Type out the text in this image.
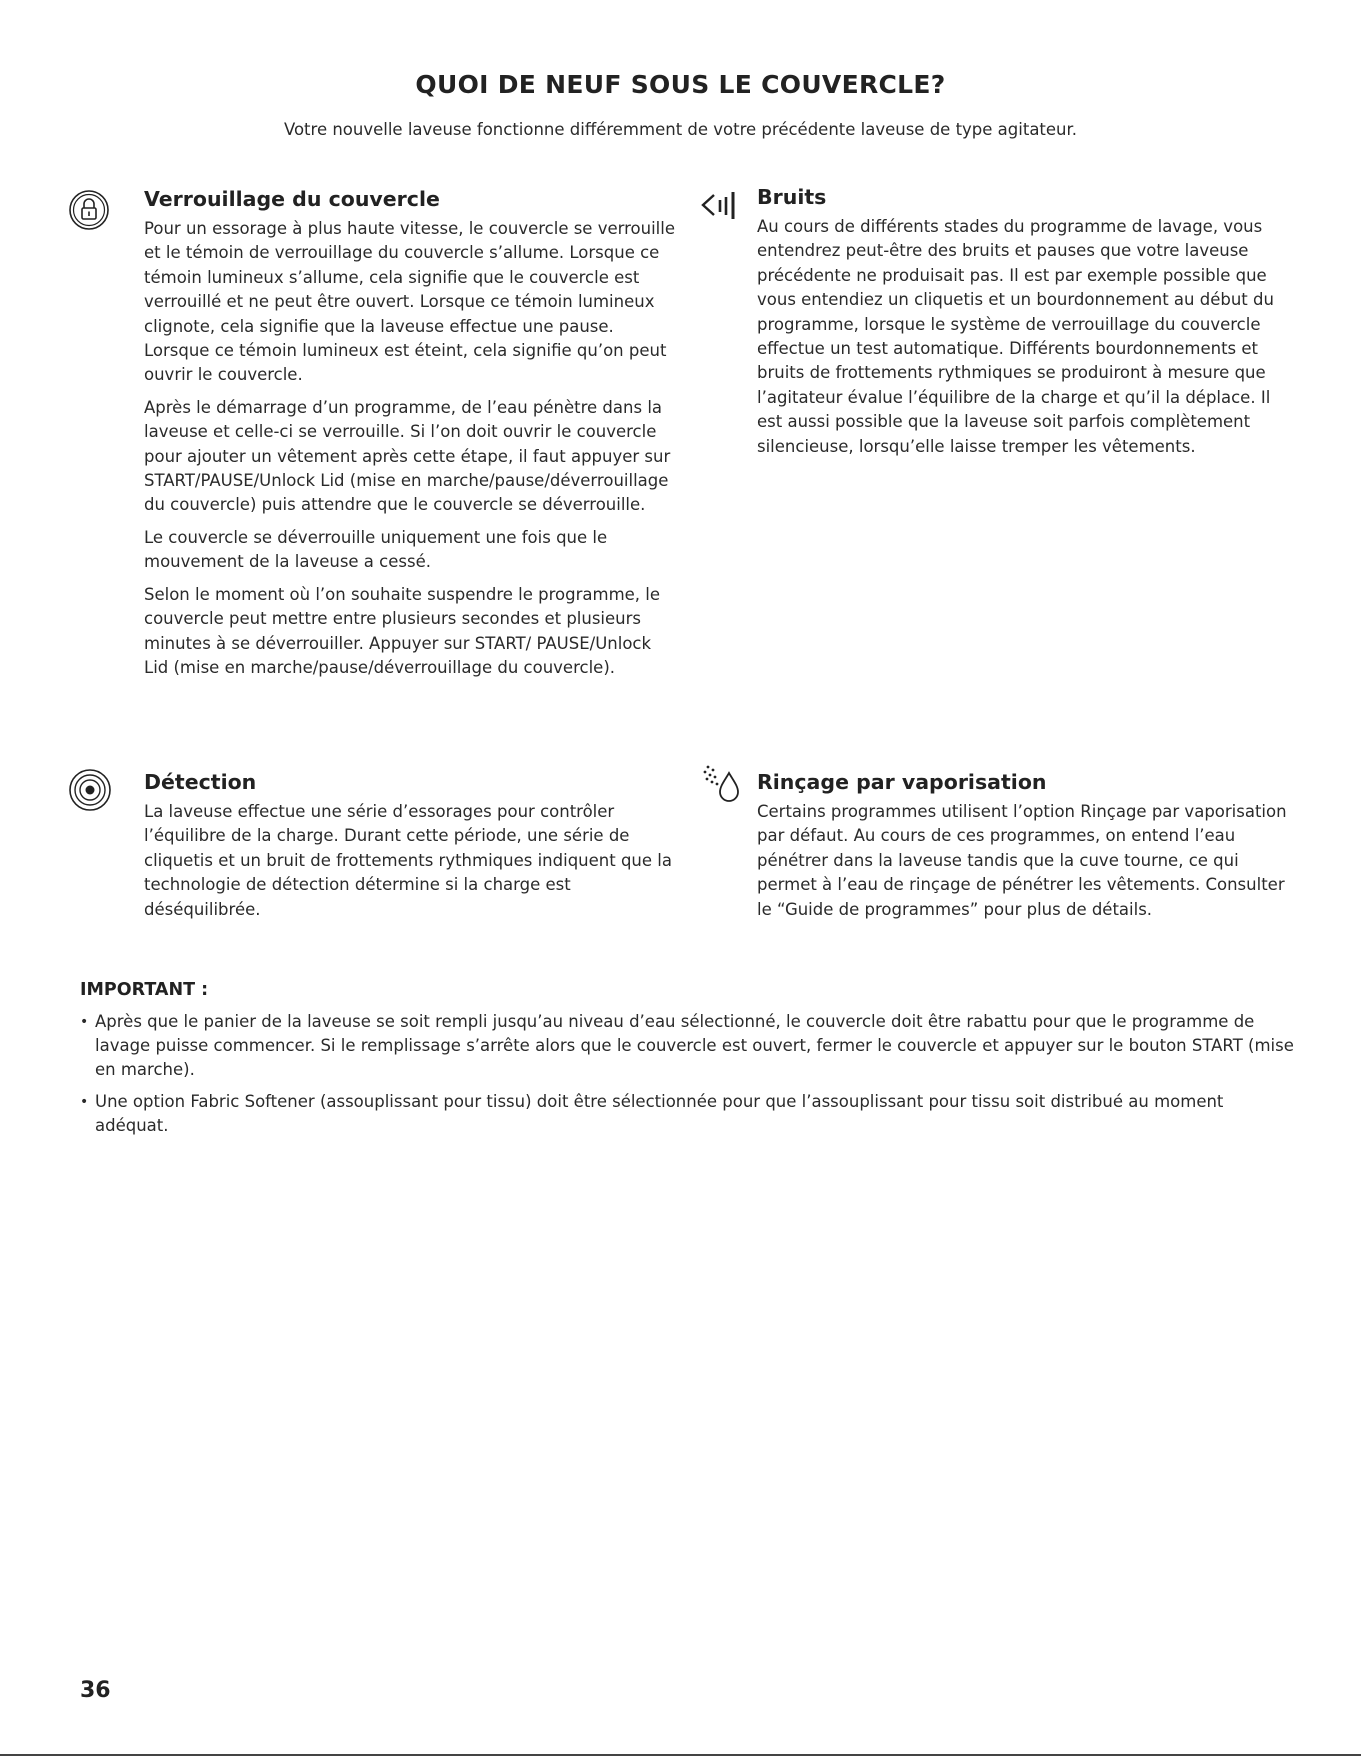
QUOI DE NEUF SOUS LE COUVERCLE?
Votre nouvelle laveuse fonctionne différemment de votre précédente laveuse de type agitateur.
Verrouillage du couvercle

Pour un essorage à plus haute vitesse, le couvercle se verrouille et le témoin de verrouillage du couvercle s’allume. Lorsque ce témoin lumineux s’allume, cela signifie que le couvercle est verrouillé et ne peut être ouvert. Lorsque ce témoin lumineux clignote, cela signifie que la laveuse effectue une pause. Lorsque ce témoin lumineux est éteint, cela signifie qu’on peut ouvrir le couvercle.

Après le démarrage d’un programme, de l’eau pénètre dans la laveuse et celle-ci se verrouille. Si l’on doit ouvrir le couvercle pour ajouter un vêtement après cette étape, il faut appuyer sur START/PAUSE/Unlock Lid (mise en marche/pause/déverrouillage du couvercle) puis attendre que le couvercle se déverrouille.

Le couvercle se déverrouille uniquement une fois que le mouvement de la laveuse a cessé.

Selon le moment où l’on souhaite suspendre le programme, le couvercle peut mettre entre plusieurs secondes et plusieurs minutes à se déverrouiller. Appuyer sur START/ PAUSE/Unlock Lid (mise en marche/pause/déverrouillage du couvercle).

Bruits

Au cours de différents stades du programme de lavage, vous entendrez peut-être des bruits et pauses que votre laveuse précédente ne produisait pas. Il est par exemple possible que vous entendiez un cliquetis et un bourdonnement au début du programme, lorsque le système de verrouillage du couvercle effectue un test automatique. Différents bourdonnements et bruits de frottements rythmiques se produiront à mesure que l’agitateur évalue l’équilibre de la charge et qu’il la déplace. Il est aussi possible que la laveuse soit parfois complètement silencieuse, lorsqu’elle laisse tremper les vêtements.

Détection

La laveuse effectue une série d’essorages pour contrôler l’équilibre de la charge. Durant cette période, une série de cliquetis et un bruit de frottements rythmiques indiquent que la technologie de détection détermine si la charge est déséquilibrée.

Rinçage par vaporisation

Certains programmes utilisent l’option Rinçage par vaporisation par défaut. Au cours de ces programmes, on entend l’eau pénétrer dans la laveuse tandis que la cuve tourne, ce qui permet à l’eau de rinçage de pénétrer les vêtements. Consulter le “Guide de programmes” pour plus de détails.

IMPORTANT :
• Après que le panier de la laveuse se soit rempli jusqu’au niveau d’eau sélectionné, le couvercle doit être rabattu pour que le programme de lavage puisse commencer. Si le remplissage s’arrête alors que le couvercle est ouvert, fermer le couvercle et appuyer sur le bouton START (mise en marche).
• Une option Fabric Softener (assouplissant pour tissu) doit être sélectionnée pour que l’assouplissant pour tissu soit distribué au moment adéquat.
36
